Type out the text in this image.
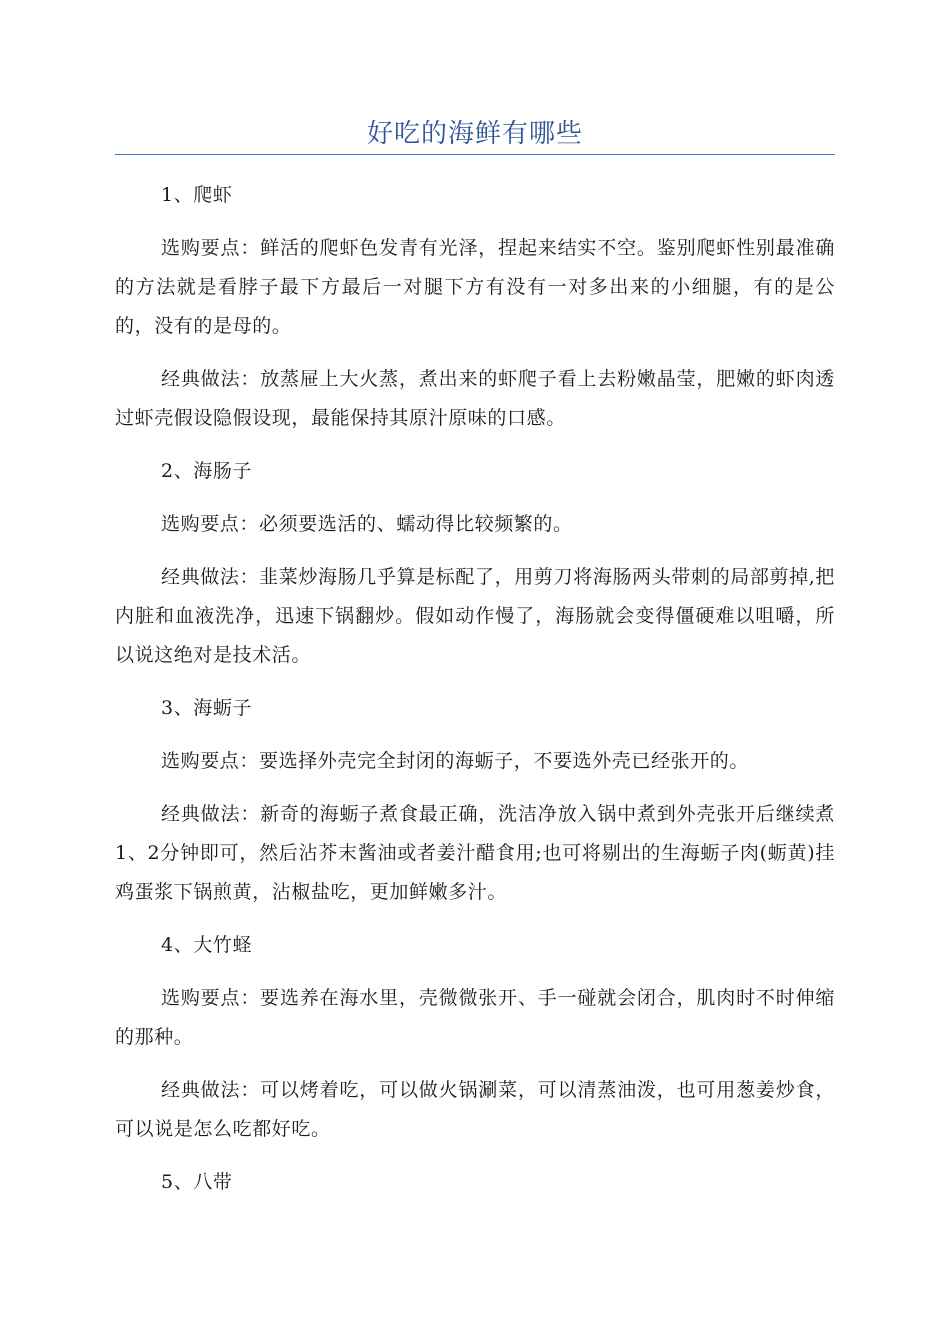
好吃的海鲜有哪些

1、爬虾

选购要点：鲜活的爬虾色发青有光泽，捏起来结实不空。鉴别爬虾性别最准确的方法就是看脖子最下方最后一对腿下方有没有一对多出来的小细腿，有的是公的，没有的是母的。

经典做法：放蒸屉上大火蒸，煮出来的虾爬子看上去粉嫩晶莹，肥嫩的虾肉透过虾壳假设隐假设现，最能保持其原汁原味的口感。

2、海肠子

选购要点：必须要选活的、蠕动得比较频繁的。

经典做法：韭菜炒海肠几乎算是标配了，用剪刀将海肠两头带刺的局部剪掉,把内脏和血液洗净，迅速下锅翻炒。假如动作慢了，海肠就会变得僵硬难以咀嚼，所以说这绝对是技术活。

3、海蛎子

选购要点：要选择外壳完全封闭的海蛎子，不要选外壳已经张开的。

经典做法：新奇的海蛎子煮食最正确，洗洁净放入锅中煮到外壳张开后继续煮1、2分钟即可，然后沾芥末酱油或者姜汁醋食用;也可将剔出的生海蛎子肉(蛎黄)挂鸡蛋浆下锅煎黄，沾椒盐吃，更加鲜嫩多汁。

4、大竹蛏

选购要点：要选养在海水里，壳微微张开、手一碰就会闭合，肌肉时不时伸缩的那种。

经典做法：可以烤着吃，可以做火锅涮菜，可以清蒸油泼，也可用葱姜炒食，可以说是怎么吃都好吃。

5、八带
